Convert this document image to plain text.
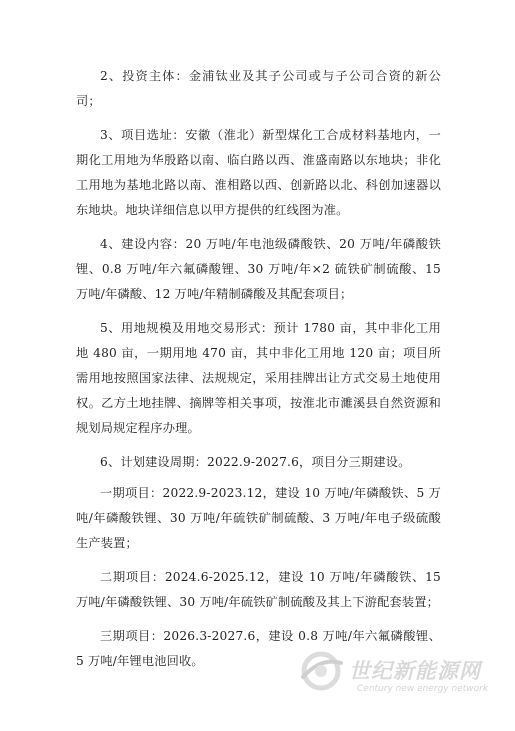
2、投资主体：金浦钛业及其子公司或与子公司合资的新公司；

3、项目选址：安徽（淮北）新型煤化工合成材料基地内，一期化工用地为华殷路以南、临白路以西、淮盛南路以东地块；非化工用地为基地北路以南、淮相路以西、创新路以北、科创加速器以东地块。地块详细信息以甲方提供的红线图为准。

4、建设内容：20 万吨/年电池级磷酸铁、20 万吨/年磷酸铁锂、0.8 万吨/年六氟磷酸锂、30 万吨/年×2 硫铁矿制硫酸、15 万吨/年磷酸、12 万吨/年精制磷酸及其配套项目；

5、用地规模及用地交易形式：预计 1780 亩，其中非化工用地 480 亩，一期用地 470 亩，其中非化工用地 120 亩；项目所需用地按照国家法律、法规规定，采用挂牌出让方式交易土地使用权。乙方土地挂牌、摘牌等相关事项，按淮北市濉溪县自然资源和规划局规定程序办理。

6、计划建设周期：2022.9-2027.6，项目分三期建设。

一期项目：2022.9-2023.12，建设 10 万吨/年磷酸铁、5 万吨/年磷酸铁锂、30 万吨/年硫铁矿制硫酸、3 万吨/年电子级硫酸生产装置；

二期项目：2024.6-2025.12，建设 10 万吨/年磷酸铁、15 万吨/年磷酸铁锂、30 万吨/年硫铁矿制硫酸及其上下游配套装置；

三期项目：2026.3-2027.6，建设 0.8 万吨/年六氟磷酸锂、5 万吨/年锂电池回收。	世纪新能源网
Century new energy network
